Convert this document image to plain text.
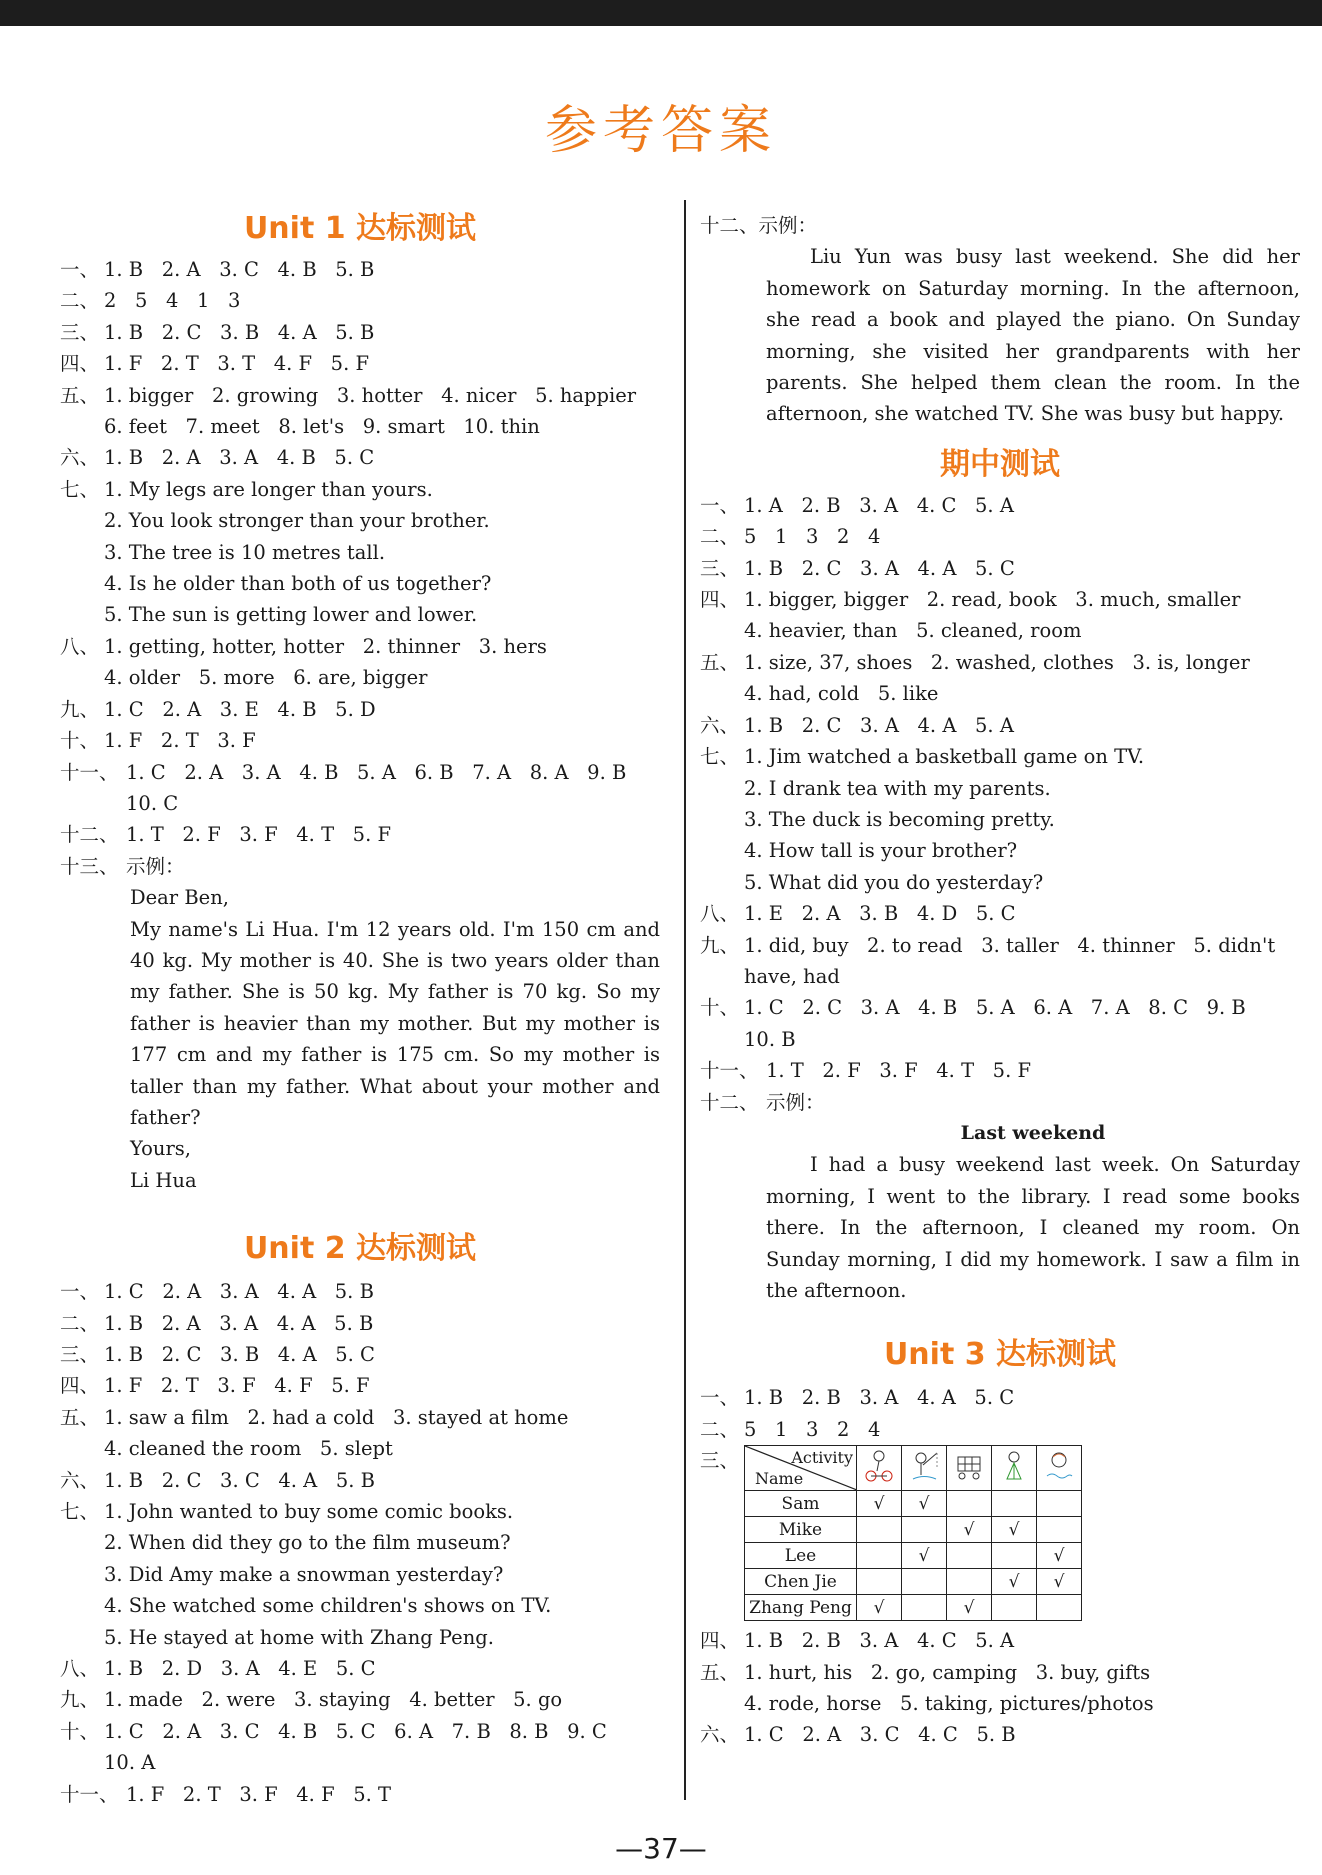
参考答案
Unit 1 达标测试
一、 1. B   2. A   3. C   4. B   5. B
二、 2   5   4   1   3
三、 1. B   2. C   3. B   4. A   5. B
四、 1. F   2. T   3. T   4. F   5. F
五、 1. bigger   2. growing   3. hotter   4. nicer   5. happier
6. feet   7. meet   8. let's   9. smart   10. thin
六、 1. B   2. A   3. A   4. B   5. C
七、 1. My legs are longer than yours.
2. You look stronger than your brother.
3. The tree is 10 metres tall.
4. Is he older than both of us together?
5. The sun is getting lower and lower.
八、 1. getting, hotter, hotter   2. thinner   3. hers
4. older   5. more   6. are, bigger
九、 1. C   2. A   3. E   4. B   5. D
十、 1. F   2. T   3. F
十一、 1. C   2. A   3. A   4. B   5. A   6. B   7. A   8. A   9. B
10. C
十二、 1. T   2. F   3. F   4. T   5. F
十三、 示例：
Dear Ben,
My name's Li Hua. I'm 12 years old. I'm 150 cm and 40 kg. My mother is 40. She is two years older than my father. She is 50 kg. My father is 70 kg. So my father is heavier than my mother. But my mother is 177 cm and my father is 175 cm. So my mother is taller than my father. What about your mother and father?
Yours,
Li Hua
Unit 2 达标测试
一、 1. C   2. A   3. A   4. A   5. B
二、 1. B   2. A   3. A   4. A   5. B
三、 1. B   2. C   3. B   4. A   5. C
四、 1. F   2. T   3. F   4. F   5. F
五、 1. saw a film   2. had a cold   3. stayed at home
4. cleaned the room   5. slept
六、 1. B   2. C   3. C   4. A   5. B
七、 1. John wanted to buy some comic books.
2. When did they go to the film museum?
3. Did Amy make a snowman yesterday?
4. She watched some children's shows on TV.
5. He stayed at home with Zhang Peng.
八、 1. B   2. D   3. A   4. E   5. C
九、 1. made   2. were   3. staying   4. better   5. go
十、 1. C   2. A   3. C   4. B   5. C   6. A   7. B   8. B   9. C
10. A
十一、 1. F   2. T   3. F   4. F   5. T
十二、 示例：
Liu Yun was busy last weekend. She did her homework on Saturday morning. In the afternoon, she read a book and played the piano. On Sunday morning, she visited her grandparents with her parents. She helped them clean the room. In the afternoon, she watched TV. She was busy but happy.
期中测试
一、 1. A   2. B   3. A   4. C   5. A
二、 5   1   3   2   4
三、 1. B   2. C   3. A   4. A   5. C
四、 1. bigger, bigger   2. read, book   3. much, smaller
4. heavier, than   5. cleaned, room
五、 1. size, 37, shoes   2. washed, clothes   3. is, longer
4. had, cold   5. like
六、 1. B   2. C   3. A   4. A   5. A
七、 1. Jim watched a basketball game on TV.
2. I drank tea with my parents.
3. The duck is becoming pretty.
4. How tall is your brother?
5. What did you do yesterday?
八、 1. E   2. A   3. B   4. D   5. C
九、 1. did, buy   2. to read   3. taller   4. thinner   5. didn't
have, had
十、 1. C   2. C   3. A   4. B   5. A   6. A   7. A   8. C   9. B
10. B
十一、 1. T   2. F   3. F   4. T   5. F
十二、 示例：
Last weekend
I had a busy weekend last week. On Saturday morning, I went to the library. I read some books there. In the afternoon, I cleaned my room. On Sunday morning, I did my homework. I saw a film in the afternoon.
Unit 3 达标测试
一、 1. B   2. B   3. A   4. A   5. C
二、 5   1   3   2   4
三、	Activity
Name

Sam	√	√			
Mike			√	√	
Lee		√			√
Chen Jie				√	√
Zhang Peng	√		√		
四、 1. B   2. B   3. A   4. C   5. A
五、 1. hurt, his   2. go, camping   3. buy, gifts
4. rode, horse   5. taking, pictures/photos
六、 1. C   2. A   3. C   4. C   5. B
—37—
